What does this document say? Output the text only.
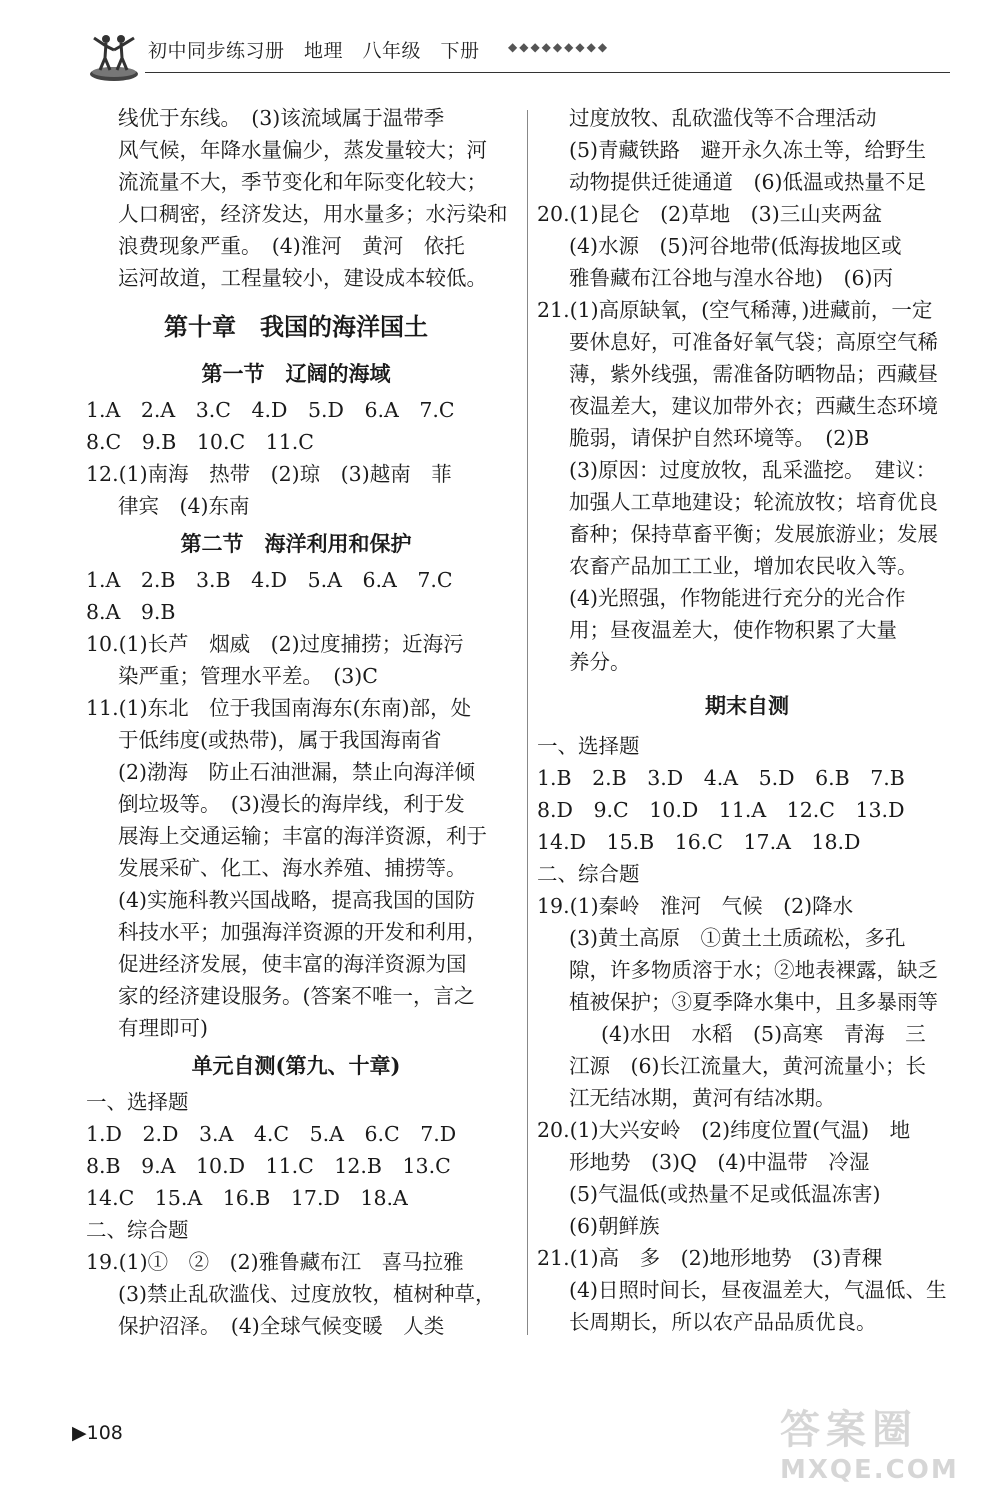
初中同步练习册　地理　八年级　下册 ◆◆◆◆◆◆◆◆◆
线优于东线。　(3)该流域属于温带季
风气候，年降水量偏少，蒸发量较大；河
流流量不大，季节变化和年际变化较大；
人口稠密，经济发达，用水量多；水污染和
浪费现象严重。　(4)淮河　黄河　依托
运河故道，工程量较小，建设成本较低。
第十章　我国的海洋国土
第一节　辽阔的海域
1.A　2.A　3.C　4.D　5.D　6.A　7.C
8.C　9.B　10.C　11.C
12.(1)南海　热带　(2)琼　(3)越南　菲
律宾　(4)东南
第二节　海洋利用和保护
1.A　2.B　3.B　4.D　5.A　6.A　7.C
8.A　9.B
10.(1)长芦　烟威　(2)过度捕捞；近海污
染严重；管理水平差。　(3)C
11.(1)东北　位于我国南海东(东南)部，处
于低纬度(或热带)，属于我国海南省
(2)渤海　防止石油泄漏，禁止向海洋倾
倒垃圾等。　(3)漫长的海岸线，利于发
展海上交通运输；丰富的海洋资源，利于
发展采矿、化工、海水养殖、捕捞等。
(4)实施科教兴国战略，提高我国的国防
科技水平；加强海洋资源的开发和利用，
促进经济发展，使丰富的海洋资源为国
家的经济建设服务。(答案不唯一，言之
有理即可)
单元自测(第九、十章)
一、选择题
1.D　2.D　3.A　4.C　5.A　6.C　7.D
8.B　9.A　10.D　11.C　12.B　13.C
14.C　15.A　16.B　17.D　18.A
二、综合题
19.(1)①　②　(2)雅鲁藏布江　喜马拉雅
(3)禁止乱砍滥伐、过度放牧，植树种草，
保护沼泽。　(4)全球气候变暖　人类
过度放牧、乱砍滥伐等不合理活动
(5)青藏铁路　避开永久冻土等，给野生
动物提供迁徙通道　(6)低温或热量不足
20.(1)昆仑　(2)草地　(3)三山夹两盆
(4)水源　(5)河谷地带(低海拔地区或
雅鲁藏布江谷地与湟水谷地)　(6)丙
21.(1)高原缺氧，(空气稀薄，)进藏前，一定
要休息好，可准备好氧气袋；高原空气稀
薄，紫外线强，需准备防晒物品；西藏昼
夜温差大，建议加带外衣；西藏生态环境
脆弱，请保护自然环境等。　(2)B
(3)原因：过度放牧，乱采滥挖。　建议：
加强人工草地建设；轮流放牧；培育优良
畜种；保持草畜平衡；发展旅游业；发展
农畜产品加工工业，增加农民收入等。
(4)光照强，作物能进行充分的光合作
用；昼夜温差大，使作物积累了大量
养分。
期末自测
一、选择题
1.B　2.B　3.D　4.A　5.D　6.B　7.B
8.D　9.C　10.D　11.A　12.C　13.D
14.D　15.B　16.C　17.A　18.D
二、综合题
19.(1)秦岭　淮河　气候　(2)降水
(3)黄土高原　①黄土土质疏松，多孔
隙，许多物质溶于水；②地表裸露，缺乏
植被保护；③夏季降水集中，且多暴雨等
(4)水田　水稻　(5)高寒　青海　三
江源　(6)长江流量大，黄河流量小；长
江无结冰期，黄河有结冰期。
20.(1)大兴安岭　(2)纬度位置(气温)　地
形地势　(3)Q　(4)中温带　冷湿
(5)气温低(或热量不足或低温冻害)
(6)朝鲜族
21.(1)高　多　(2)地形地势　(3)青稞
(4)日照时间长，昼夜温差大，气温低、生
长周期长，所以农产品品质优良。
▶108	答案圈
MXQE.COM
